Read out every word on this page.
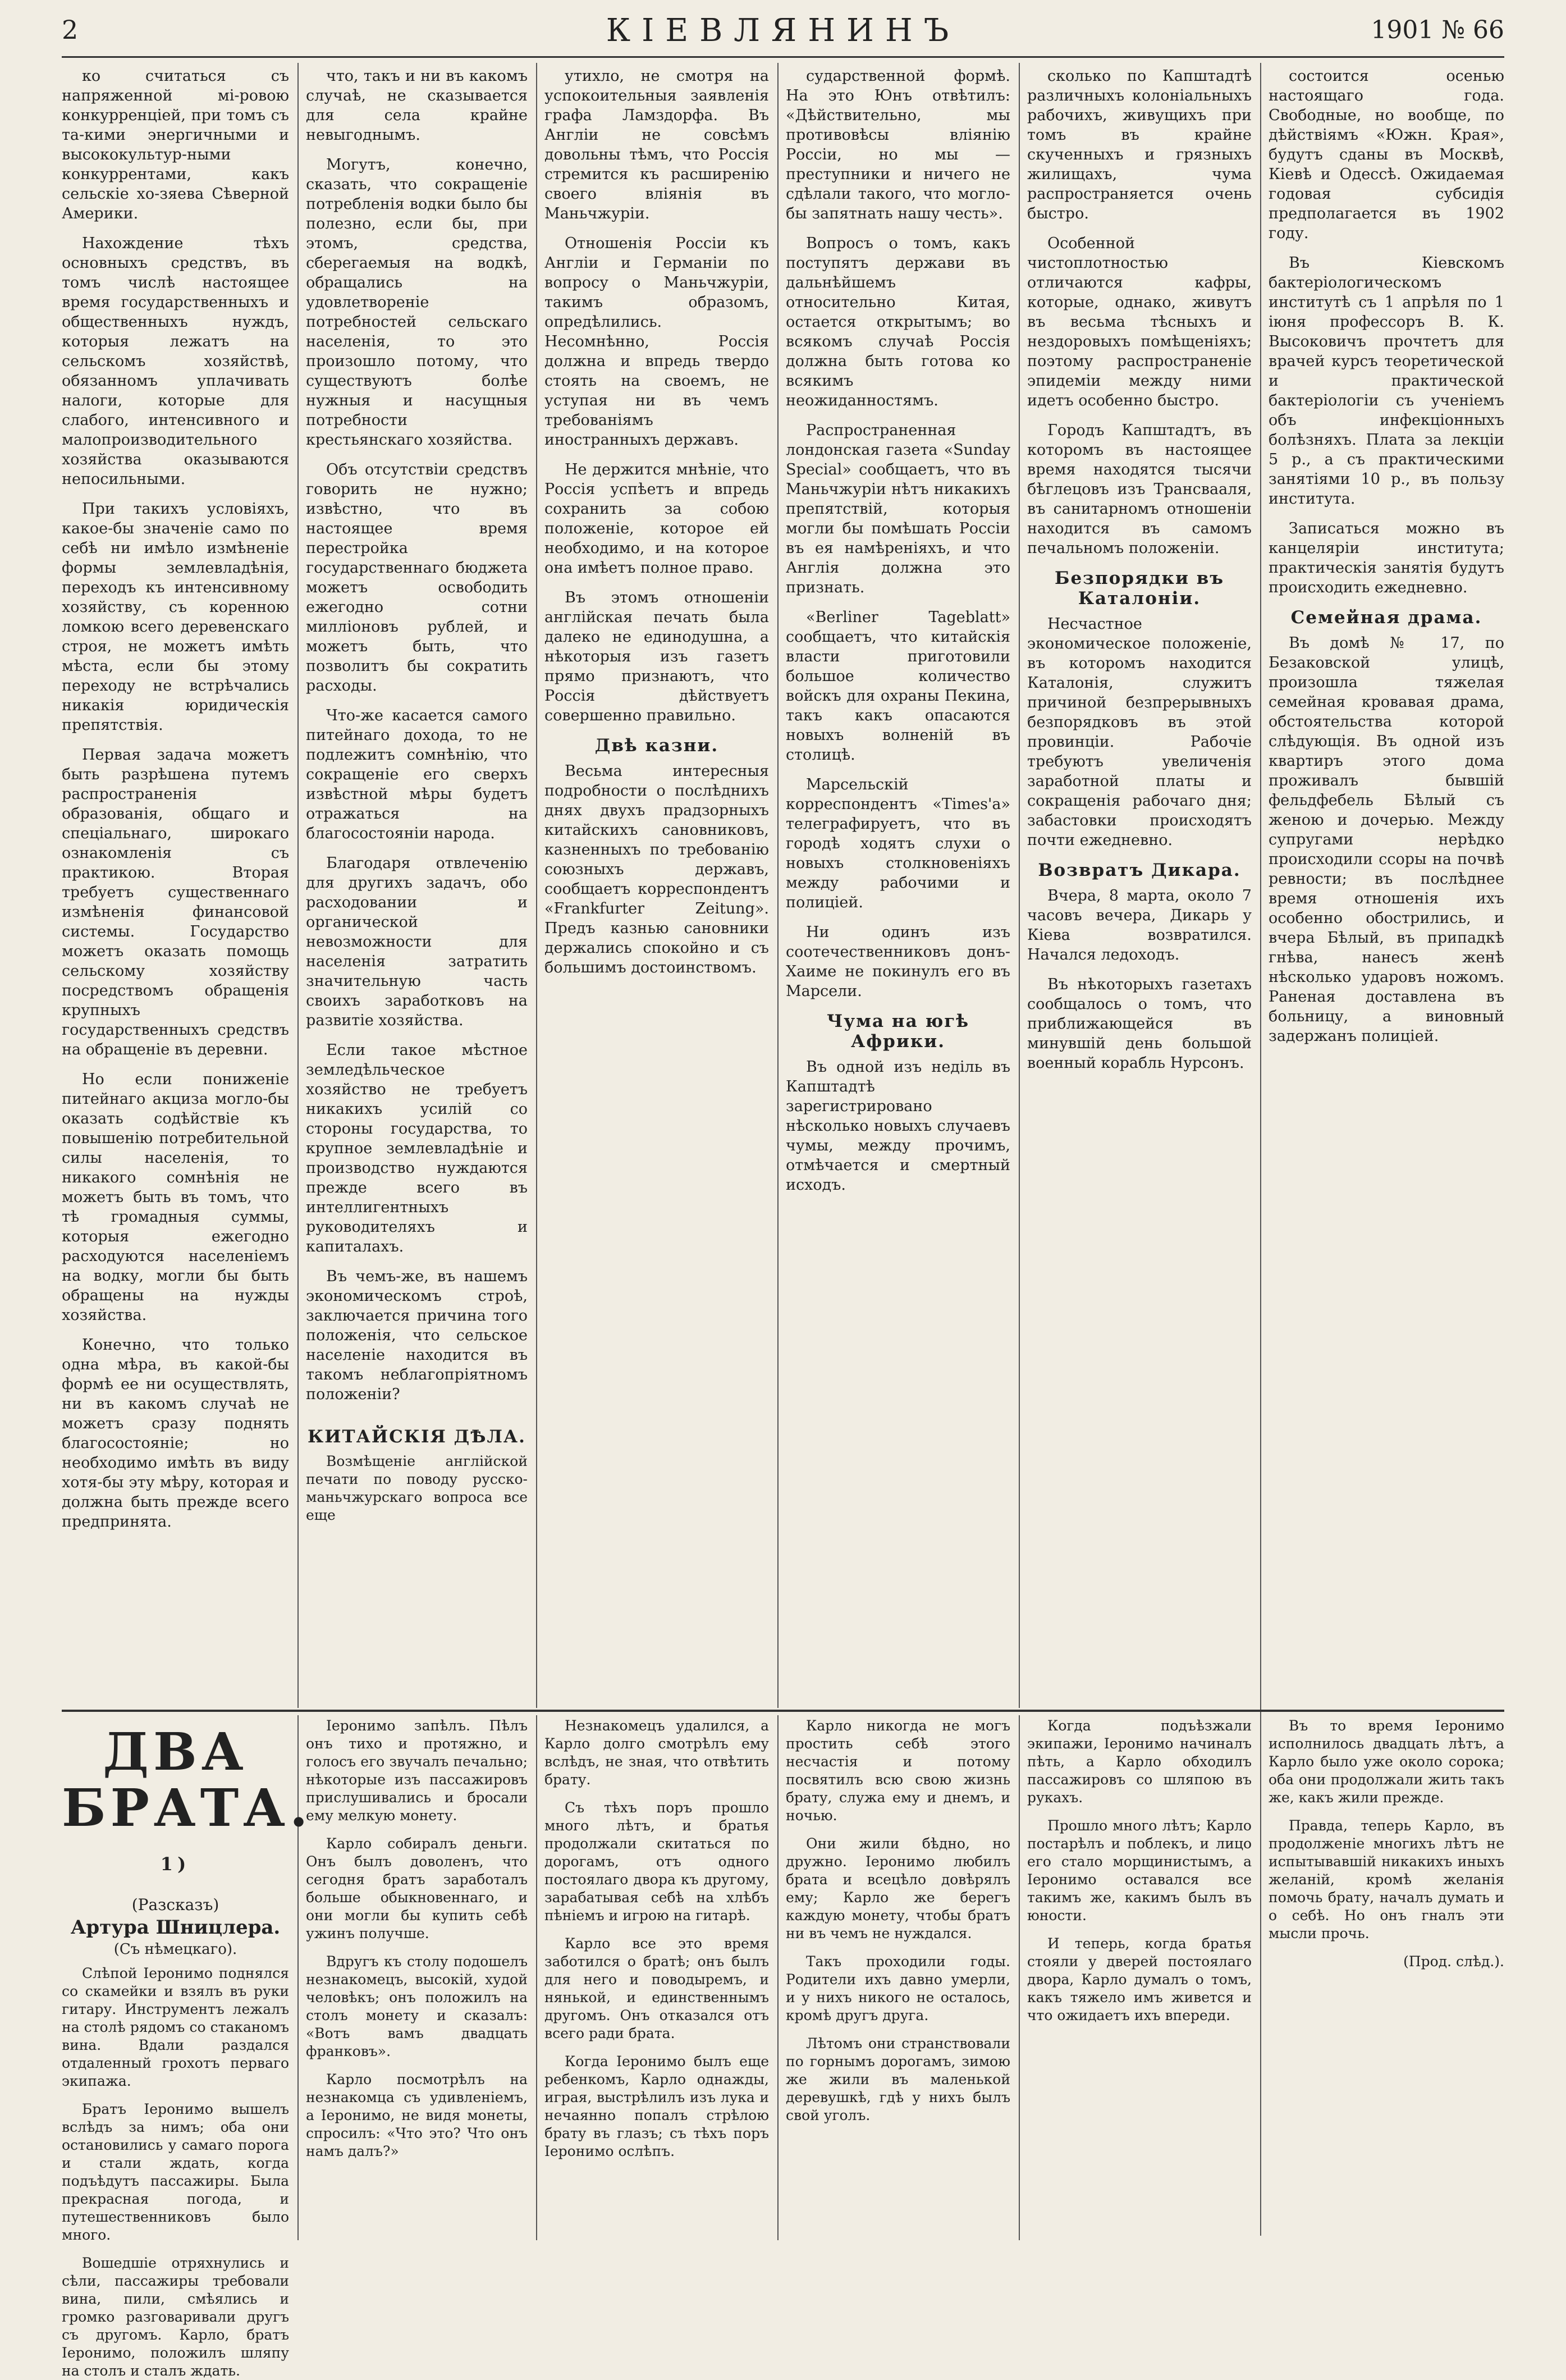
2	КІЕВЛЯНИНЪ	1901 № 66

ко считаться съ напряженной мі-ровою конкурренціей, при томъ съ та-кими энергичными и высококультур-ными конкуррентами, какъ сельскіе хо-зяева Сѣверной Америки.

Нахождение тѣхъ основныхъ средствъ, въ томъ числѣ настоящее время государственныхъ и общественныхъ нуждъ, которыя лежатъ на сельскомъ хозяйствѣ, обязанномъ уплачивать налоги, которые для слабого, интенсивного и малопроизводительного хозяйства оказываются непосильными.

При такихъ условіяхъ, какое-бы значеніе само по себѣ ни имѣло измѣненіе формы землевладѣнія, переходъ къ интенсивному хозяйству, съ коренною ломкою всего деревенскаго строя, не можетъ имѣть мѣста, если бы этому переходу не встрѣчались никакія юридическія препятствія.

Первая задача можетъ быть разрѣшена путемъ распространенія образованія, общаго и спеціальнаго, широкаго ознакомленія съ практикою. Вторая требуетъ существеннаго измѣненія финансовой системы. Государство можетъ оказать помощь сельскому хозяйству посредствомъ обращенія крупныхъ государственныхъ средствъ на обращеніе въ деревни.

Но если пониженіе питейнаго акциза могло-бы оказать содѣйствіе къ повышенію потребительной силы населенія, то никакого сомнѣнія не можетъ быть въ томъ, что тѣ громадныя суммы, которыя ежегодно расходуются населеніемъ на водку, могли бы быть обращены на нужды хозяйства.

Конечно, что только одна мѣра, въ какой-бы формѣ ее ни осуществлять, ни въ какомъ случаѣ не можетъ сразу поднять благосостояніе; но необходимо имѣть въ виду хотя-бы эту мѣру, которая и должна быть прежде всего предпринята.

что, такъ и ни въ какомъ случаѣ, не сказывается для села крайне невыгоднымъ.

Могутъ, конечно, сказать, что сокращеніе потребленія водки было бы полезно, если бы, при этомъ, средства, сберегаемыя на водкѣ, обращались на удовлетвореніе потребностей сельскаго населенія, то это произошло потому, что существуютъ болѣе нужныя и насущныя потребности крестьянскаго хозяйства.

Объ отсутствіи средствъ говорить не нужно; извѣстно, что въ настоящее время перестройка государственнаго бюджета можетъ освободить ежегодно сотни милліоновъ рублей, и можетъ быть, что позволитъ бы сократить расходы.

Что-же касается самого питейнаго дохода, то не подлежитъ сомнѣнію, что сокращеніе его сверхъ извѣстной мѣры будетъ отражаться на благосостояніи народа.

Благодаря отвлеченію для другихъ задачъ, обо расходовании и органической невозможности для населенія затратить значительную часть своихъ заработковъ на развитіе хозяйства.

Если такое мѣстное земледѣльческое хозяйство не требуетъ никакихъ усилій со стороны государства, то крупное землевладѣніе и производство нуждаются прежде всего въ интеллигентныхъ руководителяхъ и капиталахъ.

Въ чемъ-же, въ нашемъ экономическомъ строѣ, заключается причина того положенія, что сельское населеніе находится въ такомъ неблагопріятномъ положеніи?

КИТАЙСКІЯ ДѢЛА.

Возмѣщеніе англійской печати по поводу русско-маньчжурскаго вопроса все еще

утихло, не смотря на успокоительныя заявленія графа Ламздорфа. Въ Англіи не совсѣмъ довольны тѣмъ, что Россія стремится къ расширенію своего вліянія въ Маньчжуріи.

Отношенія Россіи къ Англіи и Германіи по вопросу о Маньчжуріи, такимъ образомъ, опредѣлились. Несомнѣнно, Россія должна и впредь твердо стоять на своемъ, не уступая ни въ чемъ требованіямъ иностранныхъ державъ.

Не держится мнѣніе, что Россія успѣетъ и впредь сохранить за собою положеніе, которое ей необходимо, и на которое она имѣетъ полное право.

Въ этомъ отношеніи англійская печать была далеко не единодушна, а нѣкоторыя изъ газетъ прямо признаютъ, что Россія дѣйствуетъ совершенно правильно.

Двѣ казни.

Весьма интересныя подробности о послѣднихъ днях двухъ прадзорныхъ китайскихъ сановниковъ, казненныхъ по требованію союзныхъ державъ, сообщаетъ корреспондентъ «Frankfurter Zeitung». Предъ казнью сановники держались спокойно и съ большимъ достоинствомъ.

сударственной формѣ. На это Юнъ отвѣтилъ: «Дѣйствительно, мы противовѣсы вліянію Россіи, но мы — преступники и ничего не сдѣлали такого, что могло-бы запятнать нашу честь».

Вопросъ о томъ, какъ поступятъ держави въ дальнѣйшемъ относительно Китая, остается открытымъ; во всякомъ случаѣ Россія должна быть готова ко всякимъ неожиданностямъ.

Распространенная лондонская газета «Sunday Special» сообщаетъ, что въ Маньчжуріи нѣтъ никакихъ препятствій, которыя могли бы помѣшать Россіи въ ея намѣреніяхъ, и что Англія должна это признать.

«Berliner Tageblatt» сообщаетъ, что китайскія власти приготовили большое количество войскъ для охраны Пекина, такъ какъ опасаются новыхъ волненій въ столицѣ.

Марсельскій корреспондентъ «Times'a» телеграфируетъ, что въ городѣ ходятъ слухи о новыхъ столкновеніяхъ между рабочими и полиціей.

Ни одинъ изъ соотечественниковъ донъ-Хаиме не покинулъ его въ Марсели.

Чума на югѣ Африки.

Въ одной изъ неділь въ Капштадтѣ зарегистрировано нѣсколько новыхъ случаевъ чумы, между прочимъ, отмѣчается и смертный исходъ.

сколько по Капштадтѣ различныхъ колоніальныхъ рабочихъ, живущихъ при томъ въ крайне скученныхъ и грязныхъ жилищахъ, чума распространяется очень быстро.

Особенной чистоплотностью отличаются кафры, которые, однако, живутъ въ весьма тѣсныхъ и нездоровыхъ помѣщеніяхъ; поэтому распространеніе эпидеміи между ними идетъ особенно быстро.

Городъ Капштадтъ, въ которомъ въ настоящее время находятся тысячи бѣглецовъ изъ Трансвааля, въ санитарномъ отношеніи находится въ самомъ печальномъ положеніи.

Безпорядки въ Каталоніи.

Несчастное экономическое положеніе, въ которомъ находится Каталонія, служитъ причиной безпрерывныхъ безпорядковъ въ этой провинціи. Рабочіе требуютъ увеличенія заработной платы и сокращенія рабочаго дня; забастовки происходятъ почти ежедневно.

Возвратъ Дикара.

Вчера, 8 марта, около 7 часовъ вечера, Дикарь у Кіева возвратился. Начался ледоходъ.

Въ нѣкоторыхъ газетахъ сообщалось о томъ, что приближающейся въ минувшій день большой военный корабль Нурсонъ.

состоится осенью настоящаго года. Свободные, но вообще, по дѣйствіямъ «Южн. Края», будутъ сданы въ Москвѣ, Кіевѣ и Одессѣ. Ожидаемая годовая субсидія предполагается въ 1902 году.

Въ Кіевскомъ бактеріологическомъ институтѣ съ 1 апрѣля по 1 іюня профессоръ В. К. Высоковичъ прочтетъ для врачей курсъ теоретической и практической бактеріологіи съ ученіемъ объ инфекціонныхъ болѣзняхъ. Плата за лекціи 5 р., а съ практическими занятіями 10 р., въ пользу института.

Записаться можно въ канцеляріи института; практическія занятія будутъ происходить ежедневно.

Семейная драма.

Въ домѣ № 17, по Безаковской улицѣ, произошла тяжелая семейная кровавая драма, обстоятельства которой слѣдующія. Въ одной изъ квартиръ этого дома проживалъ бывшій фельдфебель Бѣлый съ женою и дочерью. Между супругами нерѣдко происходили ссоры на почвѣ ревности; въ послѣднее время отношенія ихъ особенно обострились, и вчера Бѣлый, въ припадкѣ гнѣва, нанесъ женѣ нѣсколько ударовъ ножомъ. Раненая доставлена въ больницу, а виновный задержанъ полиціей.

ДВА БРАТА. $^{1)}$
(Разсказъ)
Артура Шницлера.
(Съ нѣмецкаго).

Слѣпой Іеронимо поднялся со скамейки и взялъ въ руки гитару. Инструментъ лежалъ на столѣ рядомъ со стаканомъ вина. Вдали раздался отдаленный грохотъ перваго экипажа.

Братъ Іеронимо вышелъ вслѣдъ за нимъ; оба они остановились у самаго порога и стали ждать, когда подъѣдутъ пассажиры. Была прекрасная погода, и путешественниковъ было много.

Вошедшіе отряхнулись и сѣли, пассажиры требовали вина, пили, смѣялись и громко разговаривали другъ съ другомъ. Карло, братъ Іеронимо, положилъ шляпу на столъ и сталъ ждать.

Іеронимо запѣлъ. Пѣлъ онъ тихо и протяжно, и голосъ его звучалъ печально; нѣкоторые изъ пассажировъ прислушивались и бросали ему мелкую монету.

Карло собиралъ деньги. Онъ былъ доволенъ, что сегодня братъ заработалъ больше обыкновеннаго, и они могли бы купить себѣ ужинъ получше.

Вдругъ къ столу подошелъ незнакомецъ, высокій, худой человѣкъ; онъ положилъ на столъ монету и сказалъ: «Вотъ вамъ двадцать франковъ».

Карло посмотрѣлъ на незнакомца съ удивленіемъ, а Іеронимо, не видя монеты, спросилъ: «Что это? Что онъ намъ далъ?»

Незнакомецъ удалился, а Карло долго смотрѣлъ ему вслѣдъ, не зная, что отвѣтить брату.

Съ тѣхъ поръ прошло много лѣтъ, и братья продолжали скитаться по дорогамъ, отъ одного постоялаго двора къ другому, зарабатывая себѣ на хлѣбъ пѣніемъ и игрою на гитарѣ.

Карло все это время заботился о братѣ; онъ былъ для него и поводыремъ, и нянькой, и единственнымъ другомъ. Онъ отказался отъ всего ради брата.

Когда Іеронимо былъ еще ребенкомъ, Карло однажды, играя, выстрѣлилъ изъ лука и нечаянно попалъ стрѣлою брату въ глазъ; съ тѣхъ поръ Іеронимо ослѣпъ.

Карло никогда не могъ простить себѣ этого несчастія и потому посвятилъ всю свою жизнь брату, служа ему и днемъ, и ночью.

Они жили бѣдно, но дружно. Іеронимо любилъ брата и всецѣло довѣрялъ ему; Карло же берегъ каждую монету, чтобы братъ ни въ чемъ не нуждался.

Такъ проходили годы. Родители ихъ давно умерли, и у нихъ никого не осталось, кромѣ другъ друга.

Лѣтомъ они странствовали по горнымъ дорогамъ, зимою же жили въ маленькой деревушкѣ, гдѣ у нихъ былъ свой уголъ.

Когда подъѣзжали экипажи, Іеронимо начиналъ пѣть, а Карло обходилъ пассажировъ со шляпою въ рукахъ.

Прошло много лѣтъ; Карло постарѣлъ и поблекъ, и лицо его стало морщинистымъ, а Іеронимо оставался все такимъ же, какимъ былъ въ юности.

И теперь, когда братья стояли у дверей постоялаго двора, Карло думалъ о томъ, какъ тяжело имъ живется и что ожидаетъ ихъ впереди.

Въ то время Іеронимо исполнилось двадцать лѣтъ, а Карло было уже около сорока; оба они продолжали жить такъ же, какъ жили прежде.

Правда, теперь Карло, въ продолженіе многихъ лѣтъ не испытывавшій никакихъ иныхъ желаній, кромѣ желанія помочь брату, началъ думать и о себѣ. Но онъ гналъ эти мысли прочь.

(Прод. слѣд.).
